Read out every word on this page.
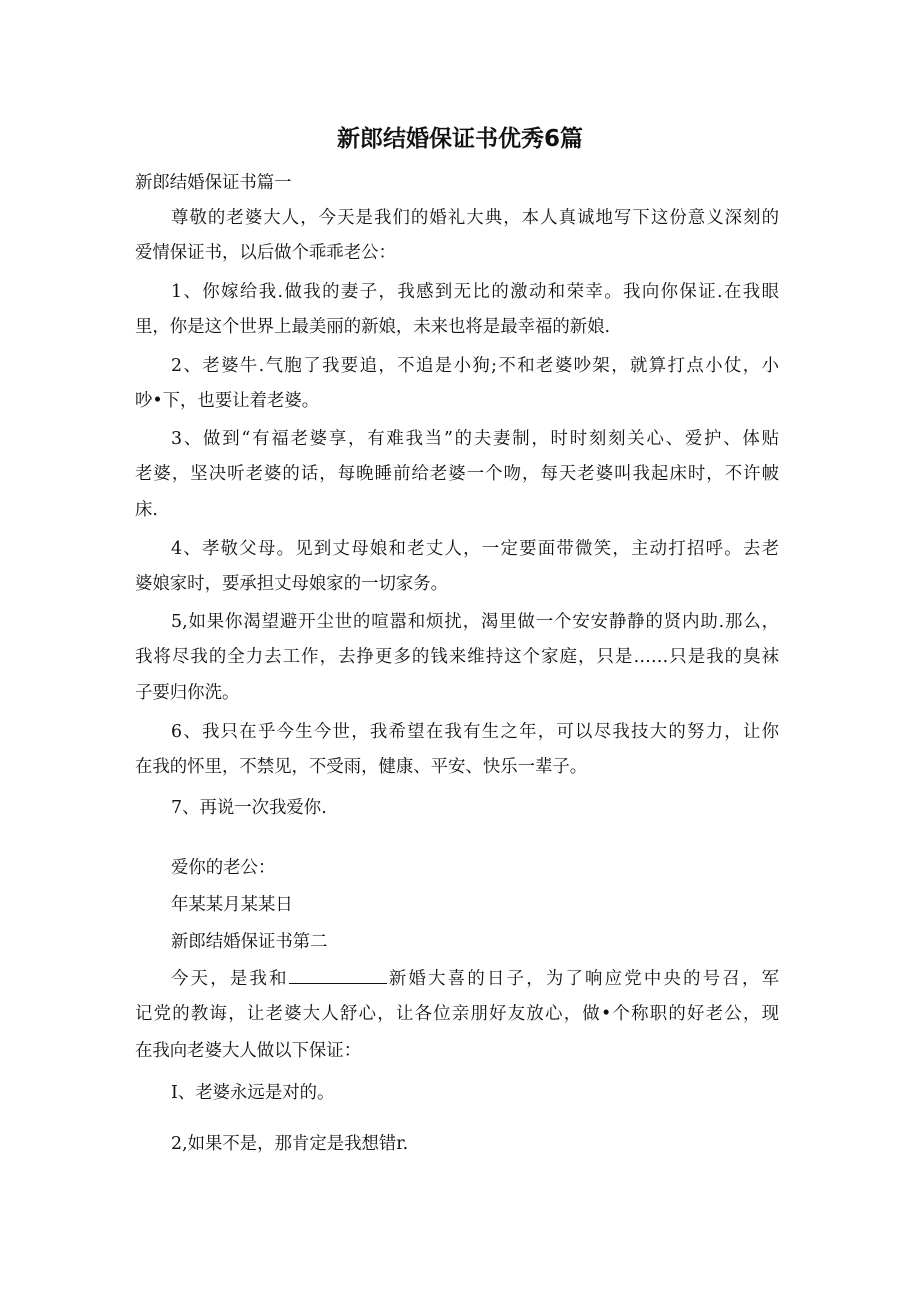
新郎结婚保证书优秀6篇
新郎结婚保证书篇一
尊敬的老婆大人，今天是我们的婚礼大典，本人真诚地写下这份意义深刻的
爱情保证书，以后做个乖乖老公：
1、你嫁给我.做我的妻子，我感到无比的激动和荣幸。我向你保证.在我眼
里，你是这个世界上最美丽的新娘，未来也将是最幸福的新娘.
2、老婆牛.气胞了我要追，不追是小狗;不和老婆吵架，就算打点小仗，小
吵•下，也要让着老婆。
3、做到“有福老婆享，有难我当”的夫妻制，时时刻刻关心、爱护、体贴
老婆，坚决听老婆的话，每晚睡前给老婆一个吻，每天老婆叫我起床时，不许帔
床.
4、孝敬父母。见到丈母娘和老丈人，一定要面带微笑，主动打招呼。去老
婆娘家时，要承担丈母娘家的一切家务。
5,如果你渴望避开尘世的喧嚣和烦扰，渴里做一个安安静静的贤内助.那么，
我将尽我的全力去工作，去挣更多的钱来维持这个家庭，只是……只是我的臭袜
子要归你洗。
6、我只在乎今生今世，我希望在我有生之年，可以尽我技大的努力，让你
在我的怀里，不禁见，不受雨，健康、平安、快乐一辈子。
7、再说一次我爱你.
爱你的老公：
年某某月某某日
新郎结婚保证书第二
今天，是我和	新婚大喜的日子，为了响应党中央的号召，军
记党的教诲，让老婆大人舒心，让各位亲朋好友放心，做•个称职的好老公，现
在我向老婆大人做以下保证：
I、老婆永远是对的。
2,如果不是，那肯定是我想错r.
